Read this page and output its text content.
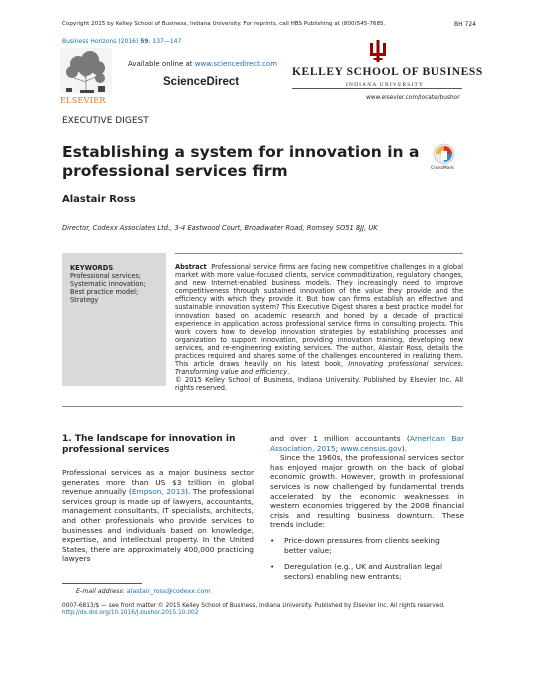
Copyright 2015 by Kelley School of Business, Indiana University. For reprints, call HBS Publishing at (800)545-7685.	BH 724
Business Horizons (2016) 59, 137—147
ELSEVIER
Available online at www.sciencedirect.com
ScienceDirect
KELLEY SCHOOL OF BUSINESS
INDIANA UNIVERSITY
www.elsevier.com/locate/bushor
EXECUTIVE DIGEST
Establishing a system for innovation in a professional services firm	CrossMark
Alastair Ross
Director, Codexx Associates Ltd., 3-4 Eastwood Court, Broadwater Road, Romsey SO51 8JJ, UK
KEYWORDS
Professional services;
Systematic innovation;
Best practice model;
Strategy

Abstract Professional service firms are facing new competitive challenges in a global market with more value-focused clients, service commoditization, regulatory changes, and new Internet-enabled business models. They increasingly need to improve competitiveness through sustained innovation of the value they provide and the efficiency with which they provide it. But how can firms establish an effective and sustainable innovation system? This Executive Digest shares a best practice model for innovation based on academic research and honed by a decade of practical experience in application across professional service firms in consulting projects. This work covers how to develop innovation strategies by establishing processes and organization to support innovation, providing innovation training, developing new services, and re-engineering existing services. The author, Alastair Ross, details the practices required and shares some of the challenges encountered in realizing them. This article draws heavily on his latest book, Innovating professional services: Transforming value and efficiency.

© 2015 Kelley School of Business, Indiana University. Published by Elsevier Inc. All rights reserved.

1. The landscape for innovation in professional services

Professional services as a major business sector generates more than US $3 trillion in global revenue annually (Empson, 2013). The professional services group is made up of lawyers, accountants, management consultants, IT specialists, architects, and other professionals who provide services to businesses and individuals based on knowledge, expertise, and intellectual property. In the United States, there are approximately 400,000 practicing lawyers

and over 1 million accountants (American Bar Association, 2015; www.census.gov).

Since the 1960s, the professional services sector has enjoyed major growth on the back of global economic growth. However, growth in professional services is now challenged by fundamental trends accelerated by the economic weaknesses in western economies triggered by the 2008 financial crisis and resulting business downturn. These trends include:

•	Price-down pressures from clients seeking better value;
•	Deregulation (e.g., UK and Australian legal sectors) enabling new entrants;
E-mail address: alastair_ross@codexx.com
0007-6813/$ — see front matter © 2015 Kelley School of Business, Indiana University. Published by Elsevier Inc. All rights reserved.
http://dx.doi.org/10.1016/j.bushor.2015.10.002
